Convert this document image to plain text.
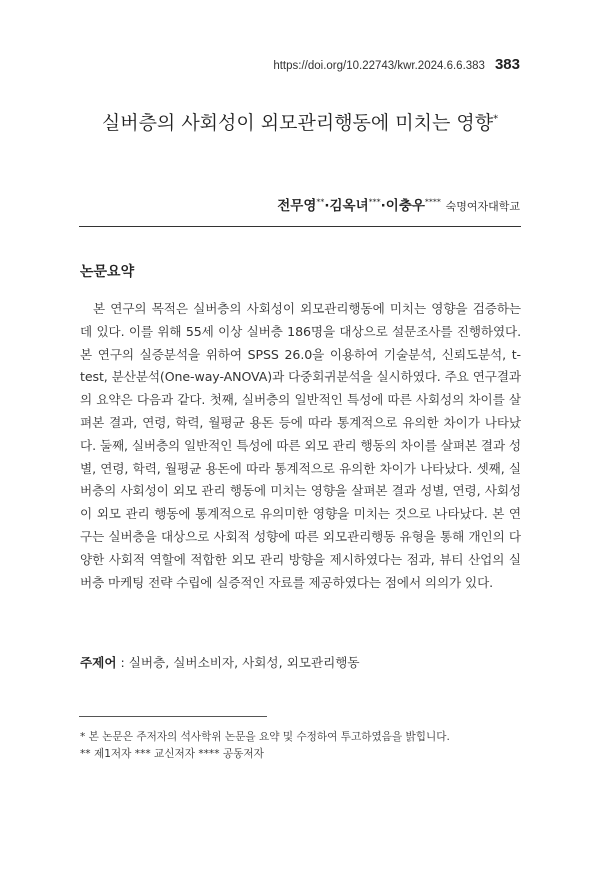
https://doi.org/10.22743/kwr.2024.6.6.383 383
실버층의 사회성이 외모관리행동에 미치는 영향*
전무영**·김옥녀***·이충우**** 숙명여자대학교
논문요약
본 연구의 목적은 실버층의 사회성이 외모관리행동에 미치는 영향을 검증하는데 있다. 이를 위해 55세 이상 실버층 186명을 대상으로 설문조사를 진행하였다. 본 연구의 실증분석을 위하여 SPSS 26.0을 이용하여 기술분석, 신뢰도분석, t-test, 분산분석(One-way-ANOVA)과 다중회귀분석을 실시하였다. 주요 연구결과의 요약은 다음과 같다. 첫째, 실버층의 일반적인 특성에 따른 사회성의 차이를 살펴본 결과, 연령, 학력, 월평균 용돈 등에 따라 통계적으로 유의한 차이가 나타났다. 둘째, 실버층의 일반적인 특성에 따른 외모 관리 행동의 차이를 살펴본 결과 성별, 연령, 학력, 월평균 용돈에 따라 통계적으로 유의한 차이가 나타났다. 셋째, 실버층의 사회성이 외모 관리 행동에 미치는 영향을 살펴본 결과 성별, 연령, 사회성이 외모 관리 행동에 통계적으로 유의미한 영향을 미치는 것으로 나타났다. 본 연구는 실버층을 대상으로 사회적 성향에 따른 외모관리행동 유형을 통해 개인의 다양한 사회적 역할에 적합한 외모 관리 방향을 제시하였다는 점과, 뷰티 산업의 실버층 마케팅 전략 수립에 실증적인 자료를 제공하였다는 점에서 의의가 있다.
주제어 : 실버층, 실버소비자, 사회성, 외모관리행동
* 본 논문은 주저자의 석사학위 논문을 요약 및 수정하여 투고하였음을 밝힙니다.
** 제1저자 *** 교신저자 **** 공동저자
